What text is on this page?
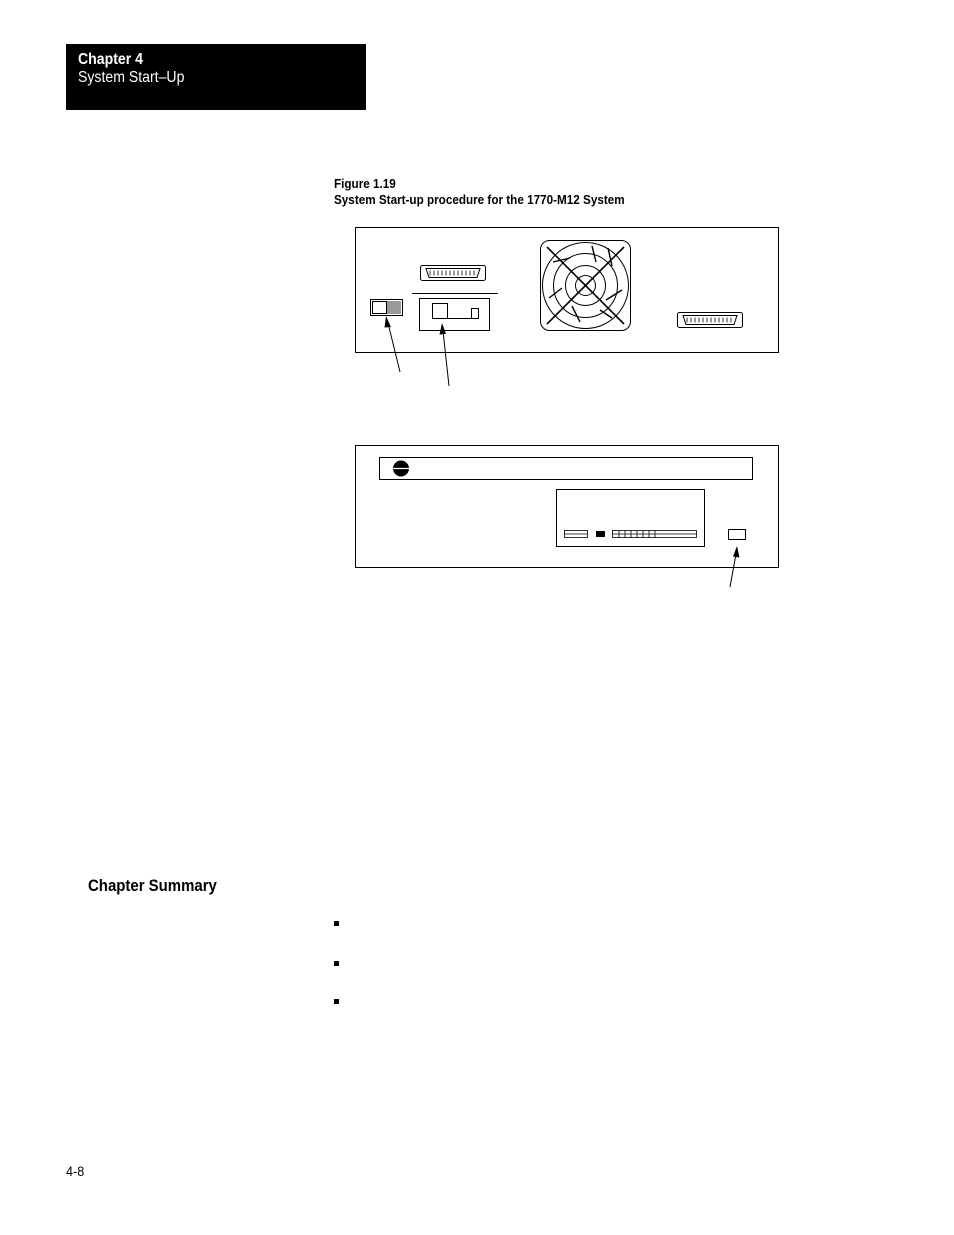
Chapter 4
System Start–Up
Figure 1.19
System Start-up procedure for the 1770-M12 System
Chapter Summary
4-8
